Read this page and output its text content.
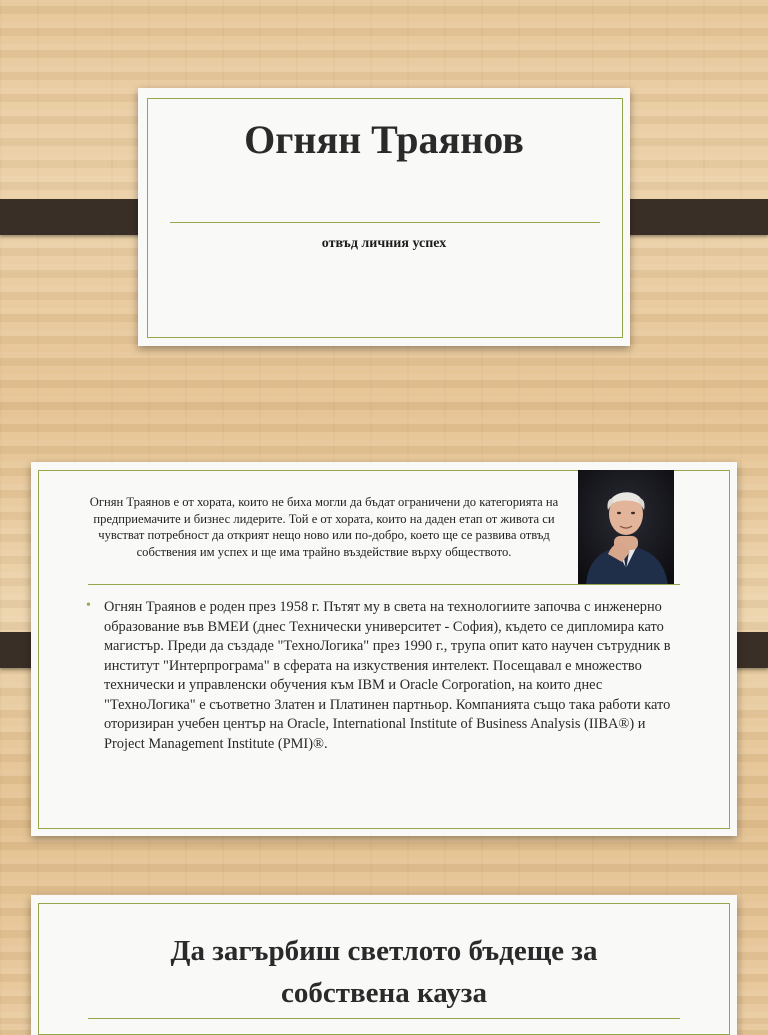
Огнян Траянов
отвъд личния успех
Огнян Траянов е от хората, които не биха могли да бъдат ограничени до категорията на предприемачите и бизнес лидерите. Той е от хората, които на даден етап от живота си чувстват потребност да открият нещо ново или по-добро, което ще се развива отвъд собствения им успех и ще има трайно въздействие върху обществото.
• Огнян Траянов е роден през 1958 г. Пътят му в света на технологиите започва с инженерно образование във ВМЕИ (днес Технически университет - София), където се дипломира като магистър. Преди да създаде "ТехноЛогика" през 1990 г., трупа опит като научен сътрудник в институт "Интерпрограма" в сферата на изкуствения интелект. Посещавал е множество технически и управленски обучения към IBM и Oracle Corporation, на които днес "ТехноЛогика" е съответно Златен и Платинен партньор. Компанията също така работи като оторизиран учебен център на Oracle, International Institute of Business Analysis (IIBA®) и Project Management Institute (PMI)®.
Да загърбиш светлото бъдеще за собствена кауза
